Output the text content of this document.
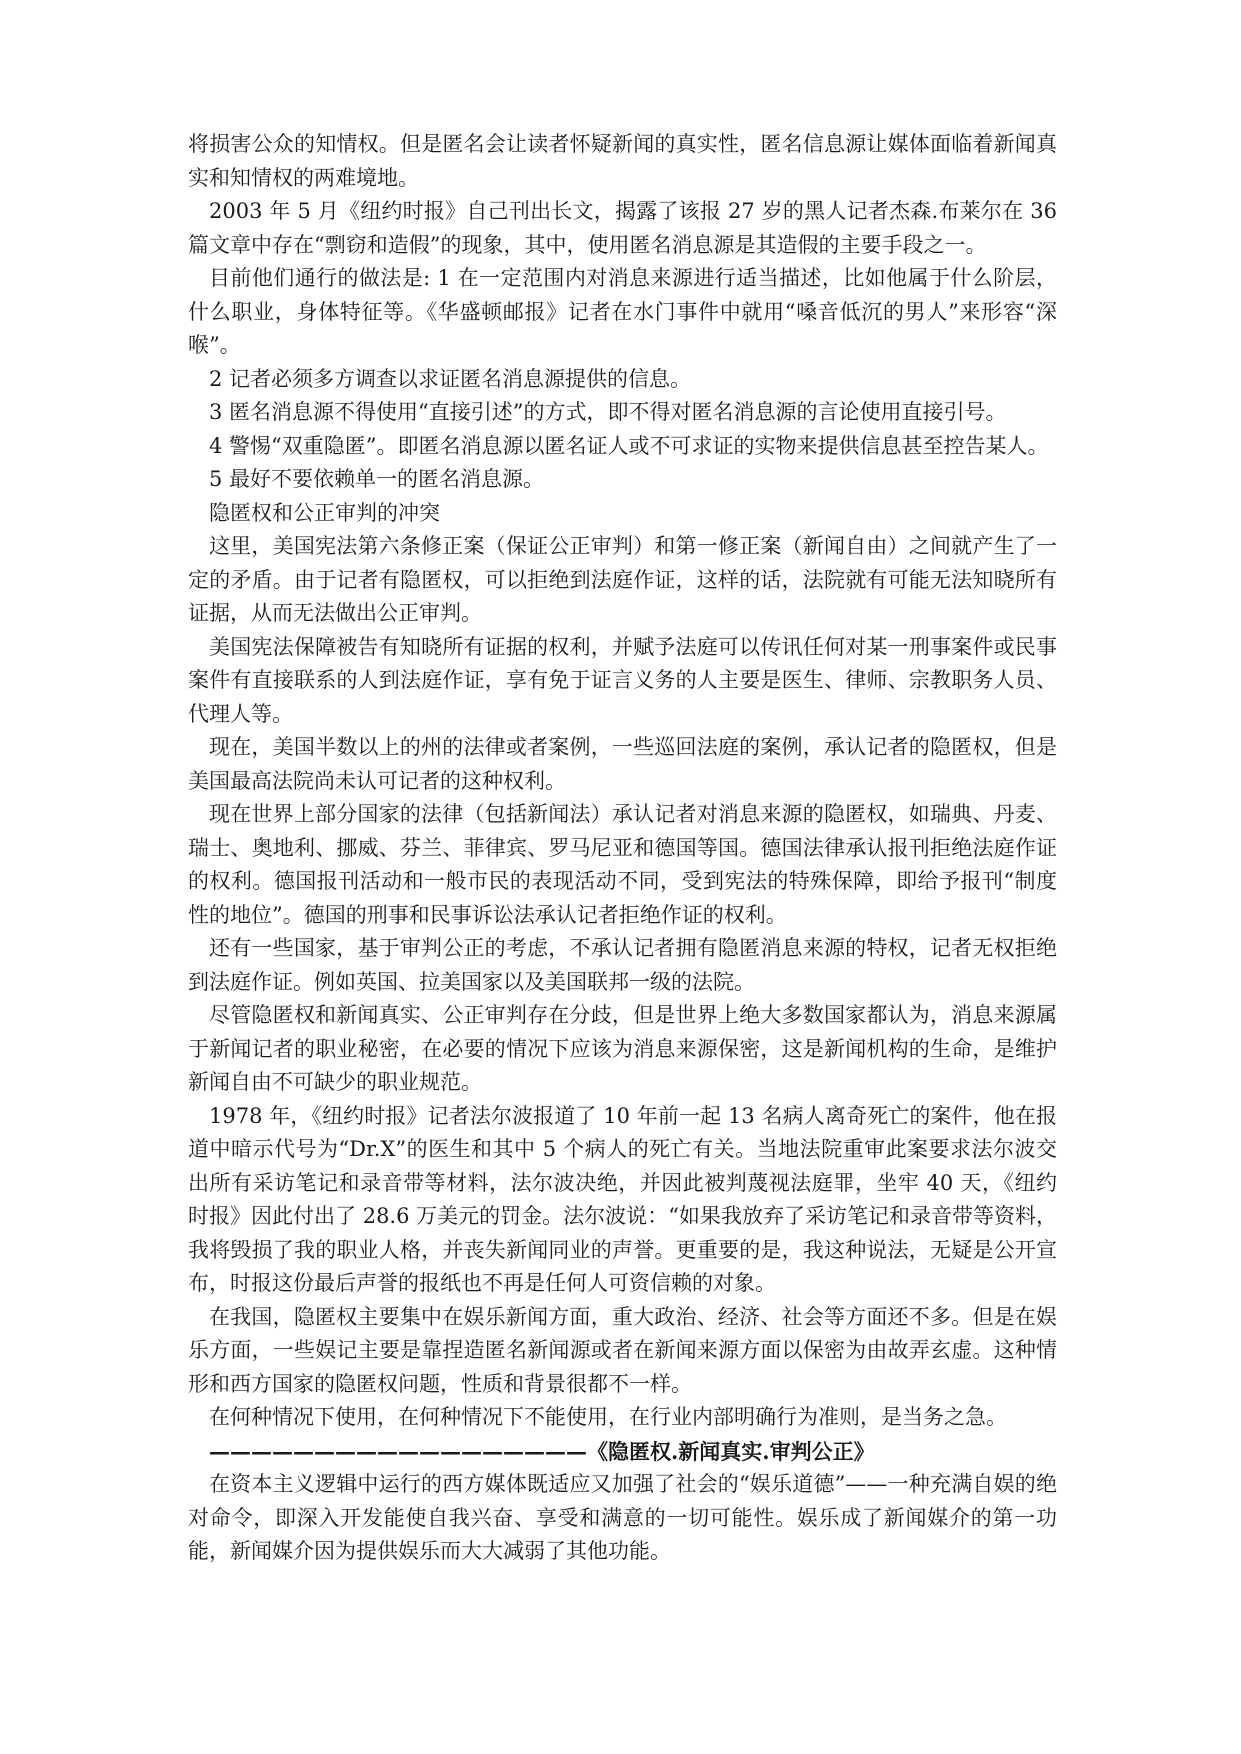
将损害公众的知情权。但是匿名会让读者怀疑新闻的真实性，匿名信息源让媒体面临着新闻真实和知情权的两难境地。

2003 年 5 月《纽约时报》自己刊出长文，揭露了该报 27 岁的黑人记者杰森.布莱尔在 36 篇文章中存在“剽窃和造假”的现象，其中，使用匿名消息源是其造假的主要手段之一。

目前他们通行的做法是: 1 在一定范围内对消息来源进行适当描述，比如他属于什么阶层，什么职业，身体特征等。《华盛顿邮报》记者在水门事件中就用“嗓音低沉的男人”来形容“深喉”。

2 记者必须多方调查以求证匿名消息源提供的信息。

3 匿名消息源不得使用“直接引述”的方式，即不得对匿名消息源的言论使用直接引号。

4 警惕“双重隐匿”。即匿名消息源以匿名证人或不可求证的实物来提供信息甚至控告某人。

5 最好不要依赖单一的匿名消息源。

隐匿权和公正审判的冲突

这里，美国宪法第六条修正案（保证公正审判）和第一修正案（新闻自由）之间就产生了一定的矛盾。由于记者有隐匿权，可以拒绝到法庭作证，这样的话，法院就有可能无法知晓所有证据，从而无法做出公正审判。

美国宪法保障被告有知晓所有证据的权利，并赋予法庭可以传讯任何对某一刑事案件或民事案件有直接联系的人到法庭作证，享有免于证言义务的人主要是医生、律师、宗教职务人员、代理人等。

现在，美国半数以上的州的法律或者案例，一些巡回法庭的案例，承认记者的隐匿权，但是美国最高法院尚未认可记者的这种权利。

现在世界上部分国家的法律（包括新闻法）承认记者对消息来源的隐匿权，如瑞典、丹麦、瑞士、奥地利、挪威、芬兰、菲律宾、罗马尼亚和德国等国。德国法律承认报刊拒绝法庭作证的权利。德国报刊活动和一般市民的表现活动不同，受到宪法的特殊保障，即给予报刊“制度性的地位”。德国的刑事和民事诉讼法承认记者拒绝作证的权利。

还有一些国家，基于审判公正的考虑，不承认记者拥有隐匿消息来源的特权，记者无权拒绝到法庭作证。例如英国、拉美国家以及美国联邦一级的法院。

尽管隐匿权和新闻真实、公正审判存在分歧，但是世界上绝大多数国家都认为，消息来源属于新闻记者的职业秘密，在必要的情况下应该为消息来源保密，这是新闻机构的生命，是维护新闻自由不可缺少的职业规范。

1978 年，《纽约时报》记者法尔波报道了 10 年前一起 13 名病人离奇死亡的案件，他在报道中暗示代号为“Dr.X”的医生和其中 5 个病人的死亡有关。当地法院重审此案要求法尔波交出所有采访笔记和录音带等材料，法尔波决绝，并因此被判蔑视法庭罪，坐牢 40 天，《纽约时报》因此付出了 28.6 万美元的罚金。法尔波说：“如果我放弃了采访笔记和录音带等资料，我将毁损了我的职业人格，并丧失新闻同业的声誉。更重要的是，我这种说法，无疑是公开宣布，时报这份最后声誉的报纸也不再是任何人可资信赖的对象。

在我国，隐匿权主要集中在娱乐新闻方面，重大政治、经济、社会等方面还不多。但是在娱乐方面，一些娱记主要是靠捏造匿名新闻源或者在新闻来源方面以保密为由故弄玄虚。这种情形和西方国家的隐匿权问题，性质和背景很都不一样。

在何种情况下使用，在何种情况下不能使用，在行业内部明确行为准则，是当务之急。

——————————————————《隐匿权.新闻真实.审判公正》

在资本主义逻辑中运行的西方媒体既适应又加强了社会的“娱乐道德”——一种充满自娱的绝对命令，即深入开发能使自我兴奋、享受和满意的一切可能性。娱乐成了新闻媒介的第一功能，新闻媒介因为提供娱乐而大大减弱了其他功能。
